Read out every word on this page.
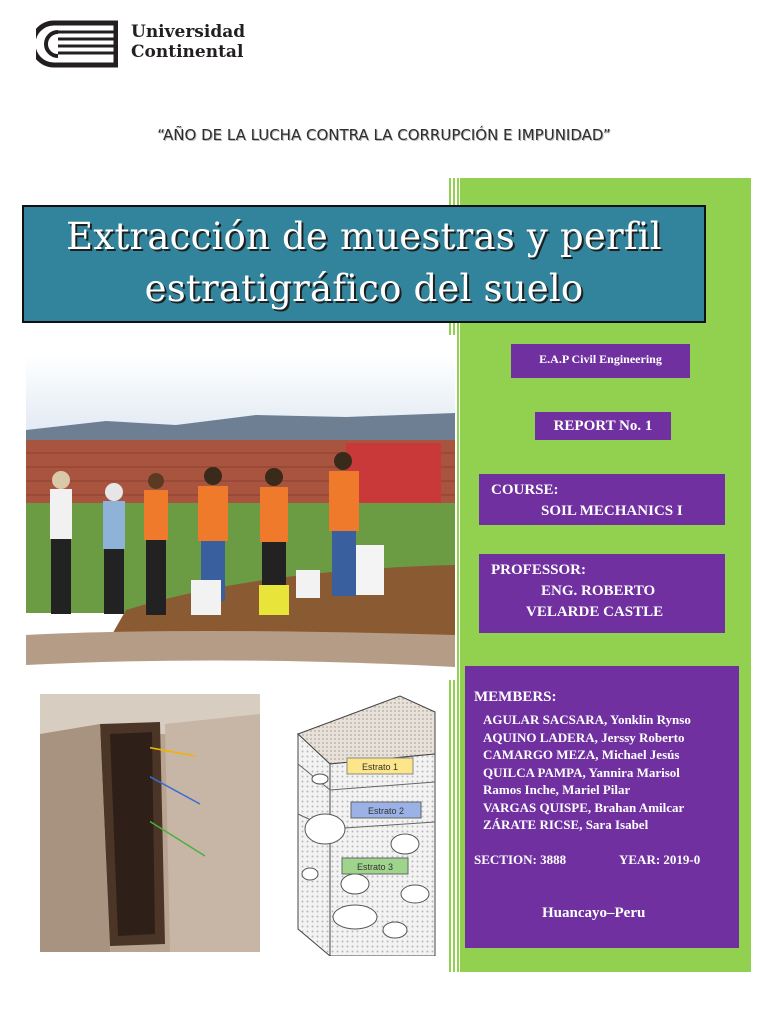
Universidad
Continental
“AÑO DE LA LUCHA CONTRA LA CORRUPCIÓN E IMPUNIDAD”
Extracción de muestras y perfil
estratigráfico del suelo
E.A.P Civil Engineering
REPORT No. 1
COURSE:
SOIL MECHANICS I
PROFESSOR:
ENG. ROBERTO
VELARDE CASTLE
MEMBERS:
AGULAR SACSARA, Yonklin Rynso
AQUINO LADERA, Jerssy Roberto
CAMARGO MEZA, Michael Jesús
QUILCA PAMPA, Yannira Marisol
Ramos Inche, Mariel Pilar
VARGAS QUISPE, Brahan Amilcar
ZÁRATE RICSE, Sara Isabel
SECTION: 3888	YEAR: 2019-0
Huancayo–Peru
Estrato 1
Estrato 2
Estrato 3
